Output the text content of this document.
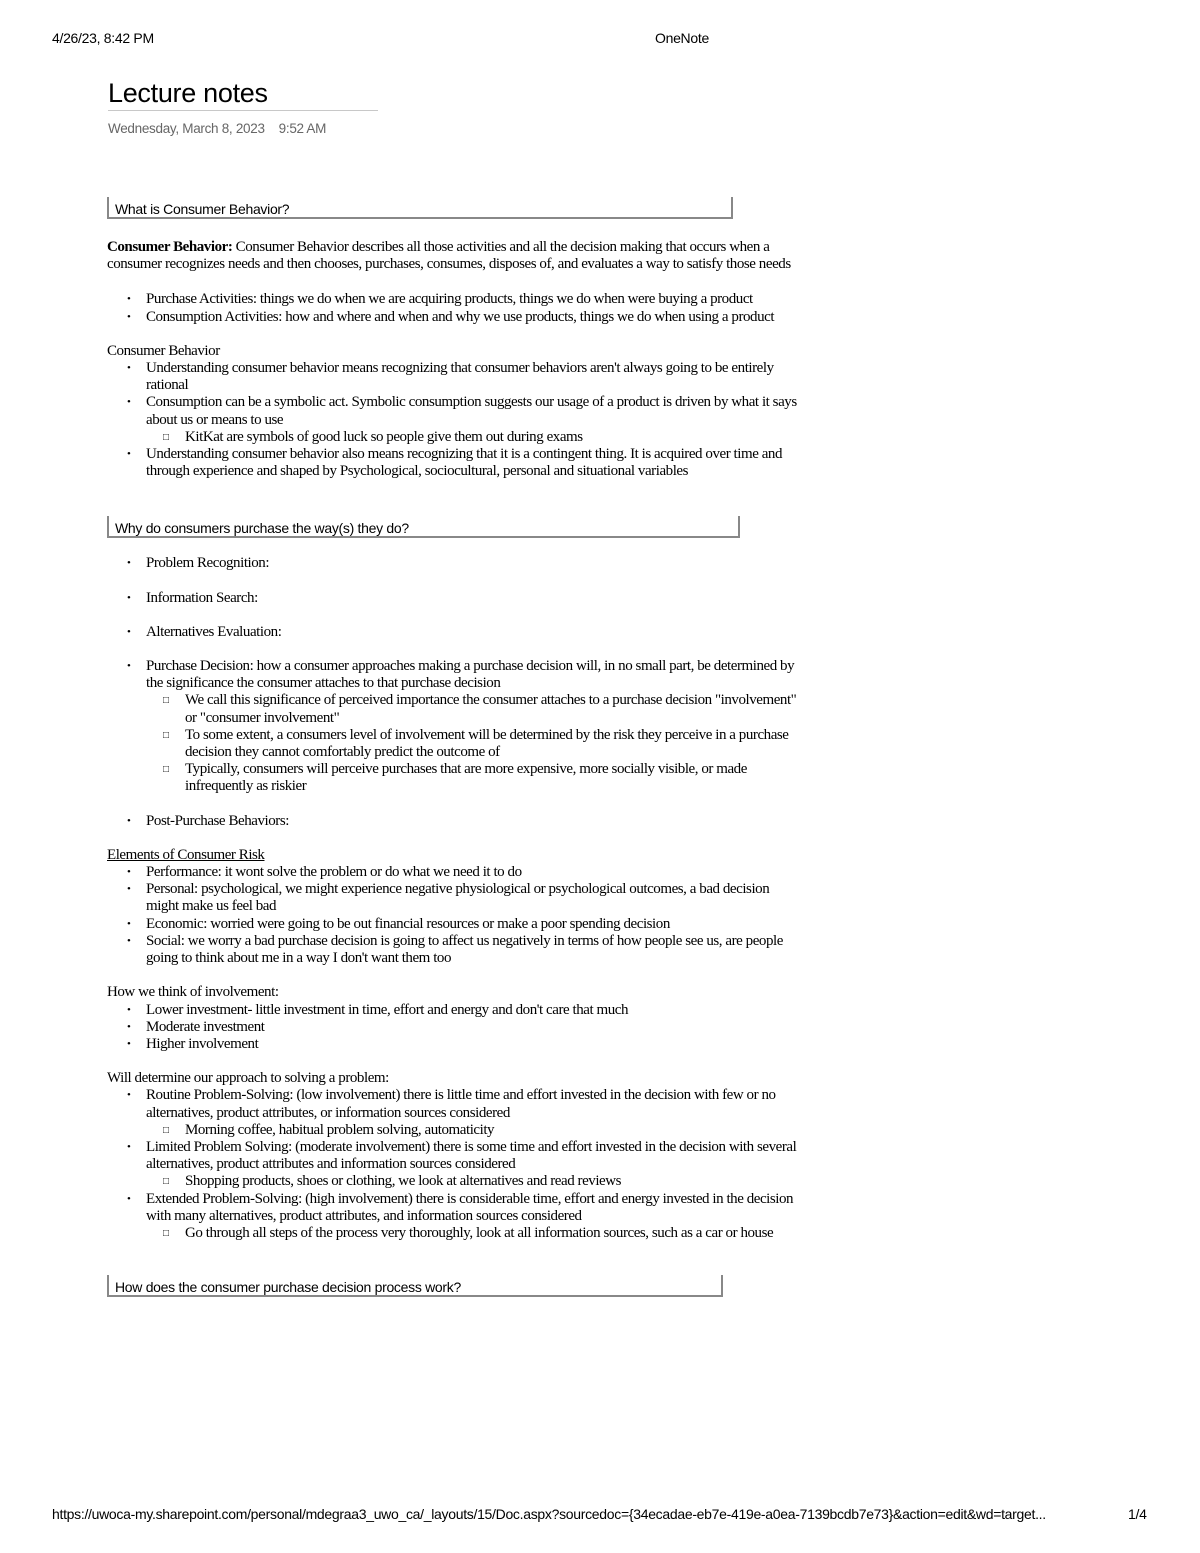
4/26/23, 8:42 PM	OneNote
Lecture notes
Wednesday, March 8, 2023 9:52 AM
What is Consumer Behavior?

Consumer Behavior: Consumer Behavior describes all those activities and all the decision making that occurs when a consumer recognizes needs and then chooses, purchases, consumes, disposes of, and evaluates a way to satisfy those needs

• Purchase Activities: things we do when we are acquiring products, things we do when were buying a product
• Consumption Activities: how and where and when and why we use products, things we do when using a product

Consumer Behavior

• Understanding consumer behavior means recognizing that consumer behaviors aren't always going to be entirely rational
• Consumption can be a symbolic act. Symbolic consumption suggests our usage of a product is driven by what it says about us or means to use
□ KitKat are symbols of good luck so people give them out during exams
• Understanding consumer behavior also means recognizing that it is a contingent thing. It is acquired over time and through experience and shaped by Psychological, sociocultural, personal and situational variables
Why do consumers purchase the way(s) they do?
• Problem Recognition:
• Information Search:
• Alternatives Evaluation:
• Purchase Decision: how a consumer approaches making a purchase decision will, in no small part, be determined by the significance the consumer attaches to that purchase decision
□ We call this significance of perceived importance the consumer attaches to a purchase decision "involvement" or "consumer involvement"
□ To some extent, a consumers level of involvement will be determined by the risk they perceive in a purchase decision they cannot comfortably predict the outcome of
□ Typically, consumers will perceive purchases that are more expensive, more socially visible, or made infrequently as riskier
• Post-Purchase Behaviors:

Elements of Consumer Risk

• Performance: it wont solve the problem or do what we need it to do
• Personal: psychological, we might experience negative physiological or psychological outcomes, a bad decision might make us feel bad
• Economic: worried were going to be out financial resources or make a poor spending decision
• Social: we worry a bad purchase decision is going to affect us negatively in terms of how people see us, are people going to think about me in a way I don't want them too

How we think of involvement:

• Lower investment- little investment in time, effort and energy and don't care that much
• Moderate investment
• Higher involvement

Will determine our approach to solving a problem:

• Routine Problem-Solving: (low involvement) there is little time and effort invested in the decision with few or no alternatives, product attributes, or information sources considered
□ Morning coffee, habitual problem solving, automaticity
• Limited Problem Solving: (moderate involvement) there is some time and effort invested in the decision with several alternatives, product attributes and information sources considered
□ Shopping products, shoes or clothing, we look at alternatives and read reviews
• Extended Problem-Solving: (high involvement) there is considerable time, effort and energy invested in the decision with many alternatives, product attributes, and information sources considered
□ Go through all steps of the process very thoroughly, look at all information sources, such as a car or house
How does the consumer purchase decision process work?
https://uwoca-my.sharepoint.com/personal/mdegraa3_uwo_ca/_layouts/15/Doc.aspx?sourcedoc={34ecadae-eb7e-419e-a0ea-7139bcdb7e73}&action=edit&wd=target...	1/4
